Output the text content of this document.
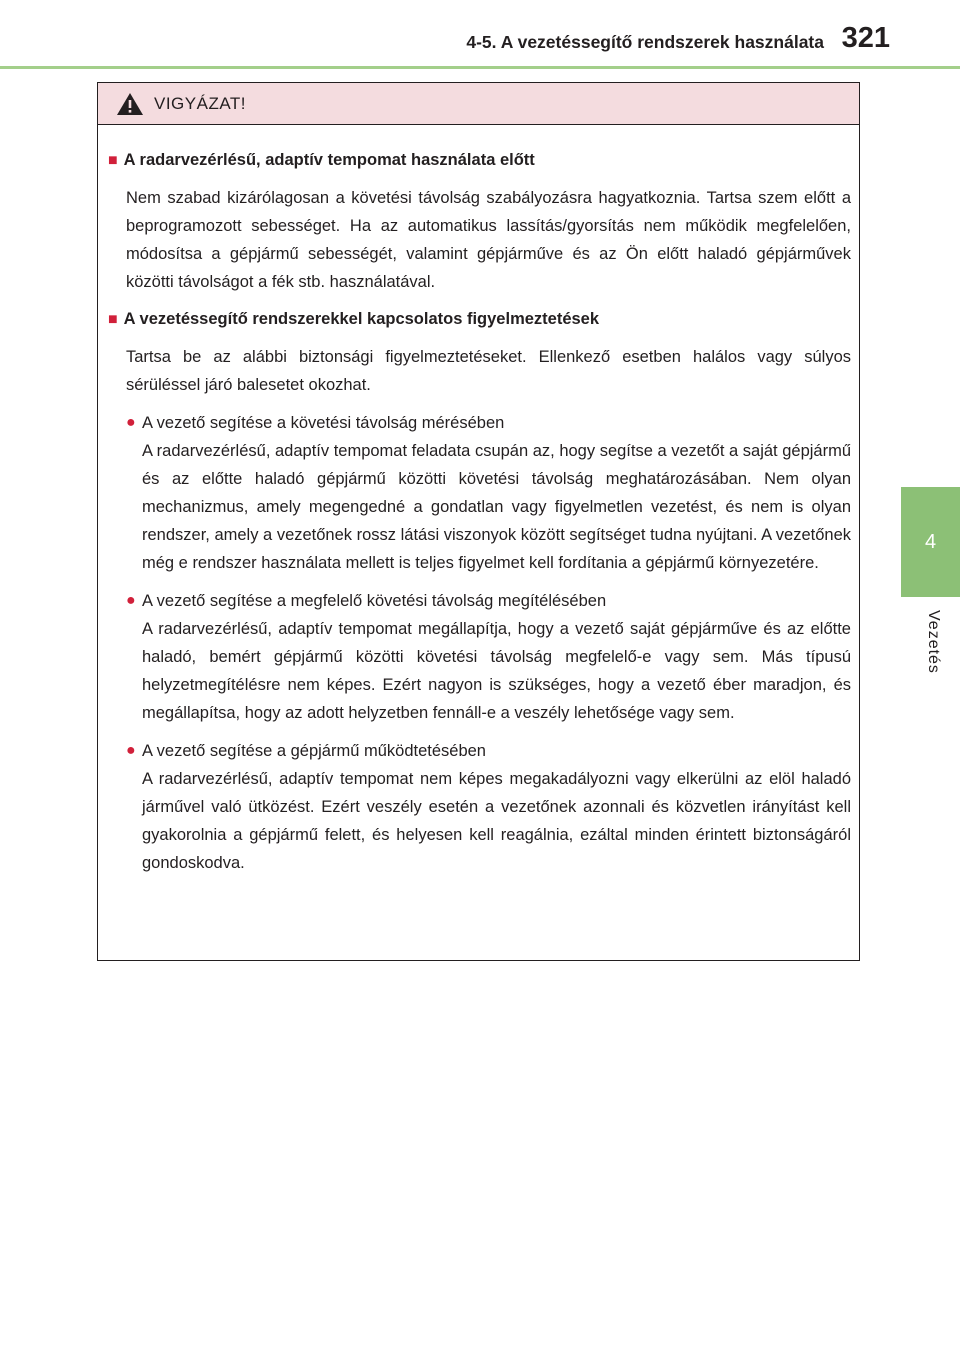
4-5. A vezetéssegítő rendszerek használata 321
4
Vezetés
VIGYÁZAT!
■ A radarvezérlésű, adaptív tempomat használata előtt

Nem szabad kizárólagosan a követési távolság szabályozásra hagyatkoznia. Tartsa szem előtt a beprogramozott sebességet. Ha az automatikus lassítás/gyorsítás nem működik megfelelően, módosítsa a gépjármű sebességét, valamint gépjárműve és az Ön előtt haladó gépjárművek közötti távolságot a fék stb. használatával.

■ A vezetéssegítő rendszerekkel kapcsolatos figyelmeztetések

Tartsa be az alábbi biztonsági figyelmeztetéseket. Ellenkező esetben halálos vagy súlyos sérüléssel járó balesetet okozhat.

● A vezető segítése a követési távolság mérésében
A radarvezérlésű, adaptív tempomat feladata csupán az, hogy segítse a vezetőt a saját gépjármű és az előtte haladó gépjármű közötti követési távolság meghatározásában. Nem olyan mechanizmus, amely megengedné a gondatlan vagy figyelmetlen vezetést, és nem is olyan rendszer, amely a vezetőnek rossz látási viszonyok között segítséget tudna nyújtani. A vezetőnek még e rendszer használata mellett is teljes figyelmet kell fordítania a gépjármű környezetére.
● A vezető segítése a megfelelő követési távolság megítélésében
A radarvezérlésű, adaptív tempomat megállapítja, hogy a vezető saját gépjárműve és az előtte haladó, bemért gépjármű közötti követési távolság megfelelő-e vagy sem. Más típusú helyzetmegítélésre nem képes. Ezért nagyon is szükséges, hogy a vezető éber maradjon, és megállapítsa, hogy az adott helyzetben fennáll-e a veszély lehetősége vagy sem.
● A vezető segítése a gépjármű működtetésében
A radarvezérlésű, adaptív tempomat nem képes megakadályozni vagy elkerülni az elöl haladó járművel való ütközést. Ezért veszély esetén a vezetőnek azonnali és közvetlen irányítást kell gyakorolnia a gépjármű felett, és helyesen kell reagálnia, ezáltal minden érintett biztonságáról gondoskodva.
